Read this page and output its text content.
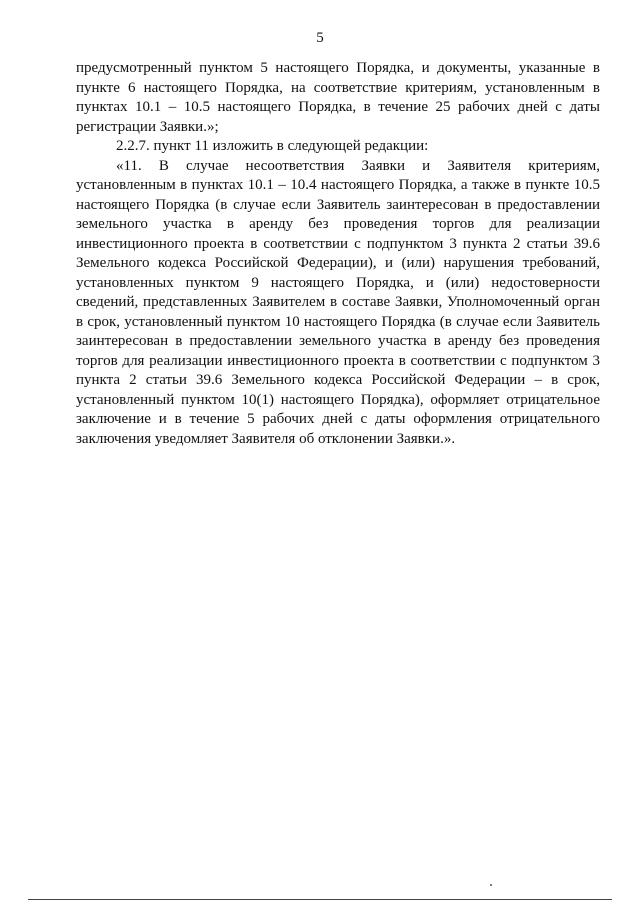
5

предусмотренный пунктом 5 настоящего Порядка, и документы, указанные в пункте 6 настоящего Порядка, на соответствие критериям, установленным в пунктах 10.1 – 10.5 настоящего Порядка, в течение 25 рабочих дней с даты регистрации Заявки.»;

2.2.7. пункт 11 изложить в следующей редакции:

«11. В случае несоответствия Заявки и Заявителя критериям, установленным в пунктах 10.1 – 10.4 настоящего Порядка, а также в пункте 10.5 настоящего Порядка (в случае если Заявитель заинтересован в предоставлении земельного участка в аренду без проведения торгов для реализации инвестиционного проекта в соответствии с подпунктом 3 пункта 2 статьи 39.6 Земельного кодекса Российской Федерации), и (или) нарушения требований, установленных пунктом 9 настоящего Порядка, и (или) недостоверности сведений, представленных Заявителем в составе Заявки, Уполномоченный орган в срок, установленный пунктом 10 настоящего Порядка (в случае если Заявитель заинтересован в предоставлении земельного участка в аренду без проведения торгов для реализации инвестиционного проекта в соответствии с подпунктом 3 пункта 2 статьи 39.6 Земельного кодекса Российской Федерации – в срок, установленный пунктом 10(1) настоящего Порядка), оформляет отрицательное заключение и в течение 5 рабочих дней с даты оформления отрицательного заключения уведомляет Заявителя об отклонении Заявки.».
